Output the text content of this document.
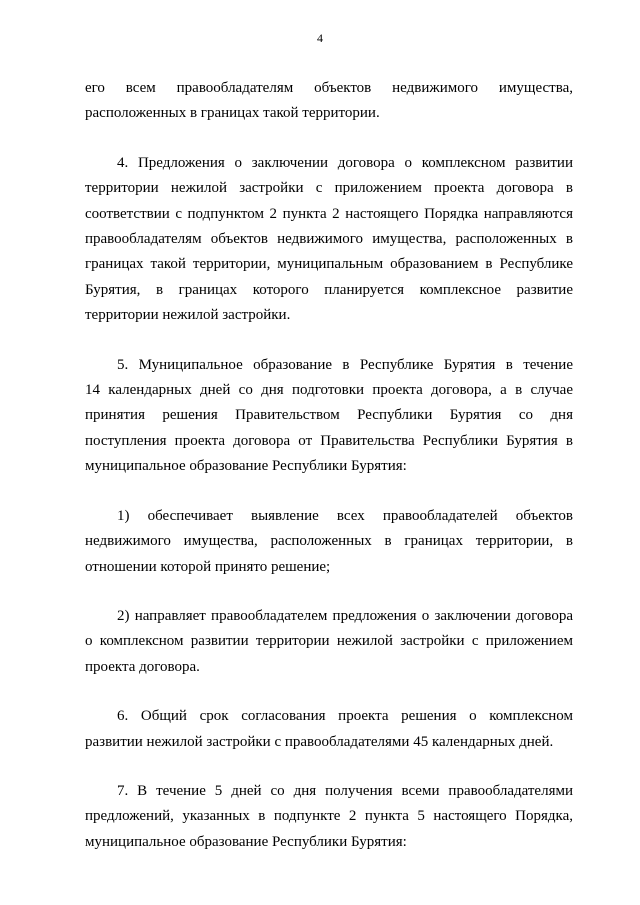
4
его всем правообладателям объектов недвижимого имущества,
расположенных в границах такой территории.
4. Предложения о заключении договора о комплексном развитии
территории нежилой застройки с приложением проекта договора в
соответствии с подпунктом 2 пункта 2 настоящего Порядка направляются
правообладателям объектов недвижимого имущества, расположенных в
границах такой территории, муниципальным образованием в Республике
Бурятия, в границах которого планируется комплексное развитие
территории нежилой застройки.
5. Муниципальное образование в Республике Бурятия в течение
14 календарных дней со дня подготовки проекта договора, а в случае
принятия решения Правительством Республики Бурятия со дня
поступления проекта договора от Правительства Республики Бурятия в
муниципальное образование Республики Бурятия:
1) обеспечивает выявление всех правообладателей объектов
недвижимого имущества, расположенных в границах территории, в
отношении которой принято решение;
2) направляет правообладателем предложения о заключении договора
о комплексном развитии территории нежилой застройки с приложением
проекта договора.
6. Общий срок согласования проекта решения о комплексном
развитии нежилой застройки с правообладателями 45 календарных дней.
7. В течение 5 дней со дня получения всеми правообладателями
предложений, указанных в подпункте 2 пункта 5 настоящего Порядка,
муниципальное образование Республики Бурятия:
